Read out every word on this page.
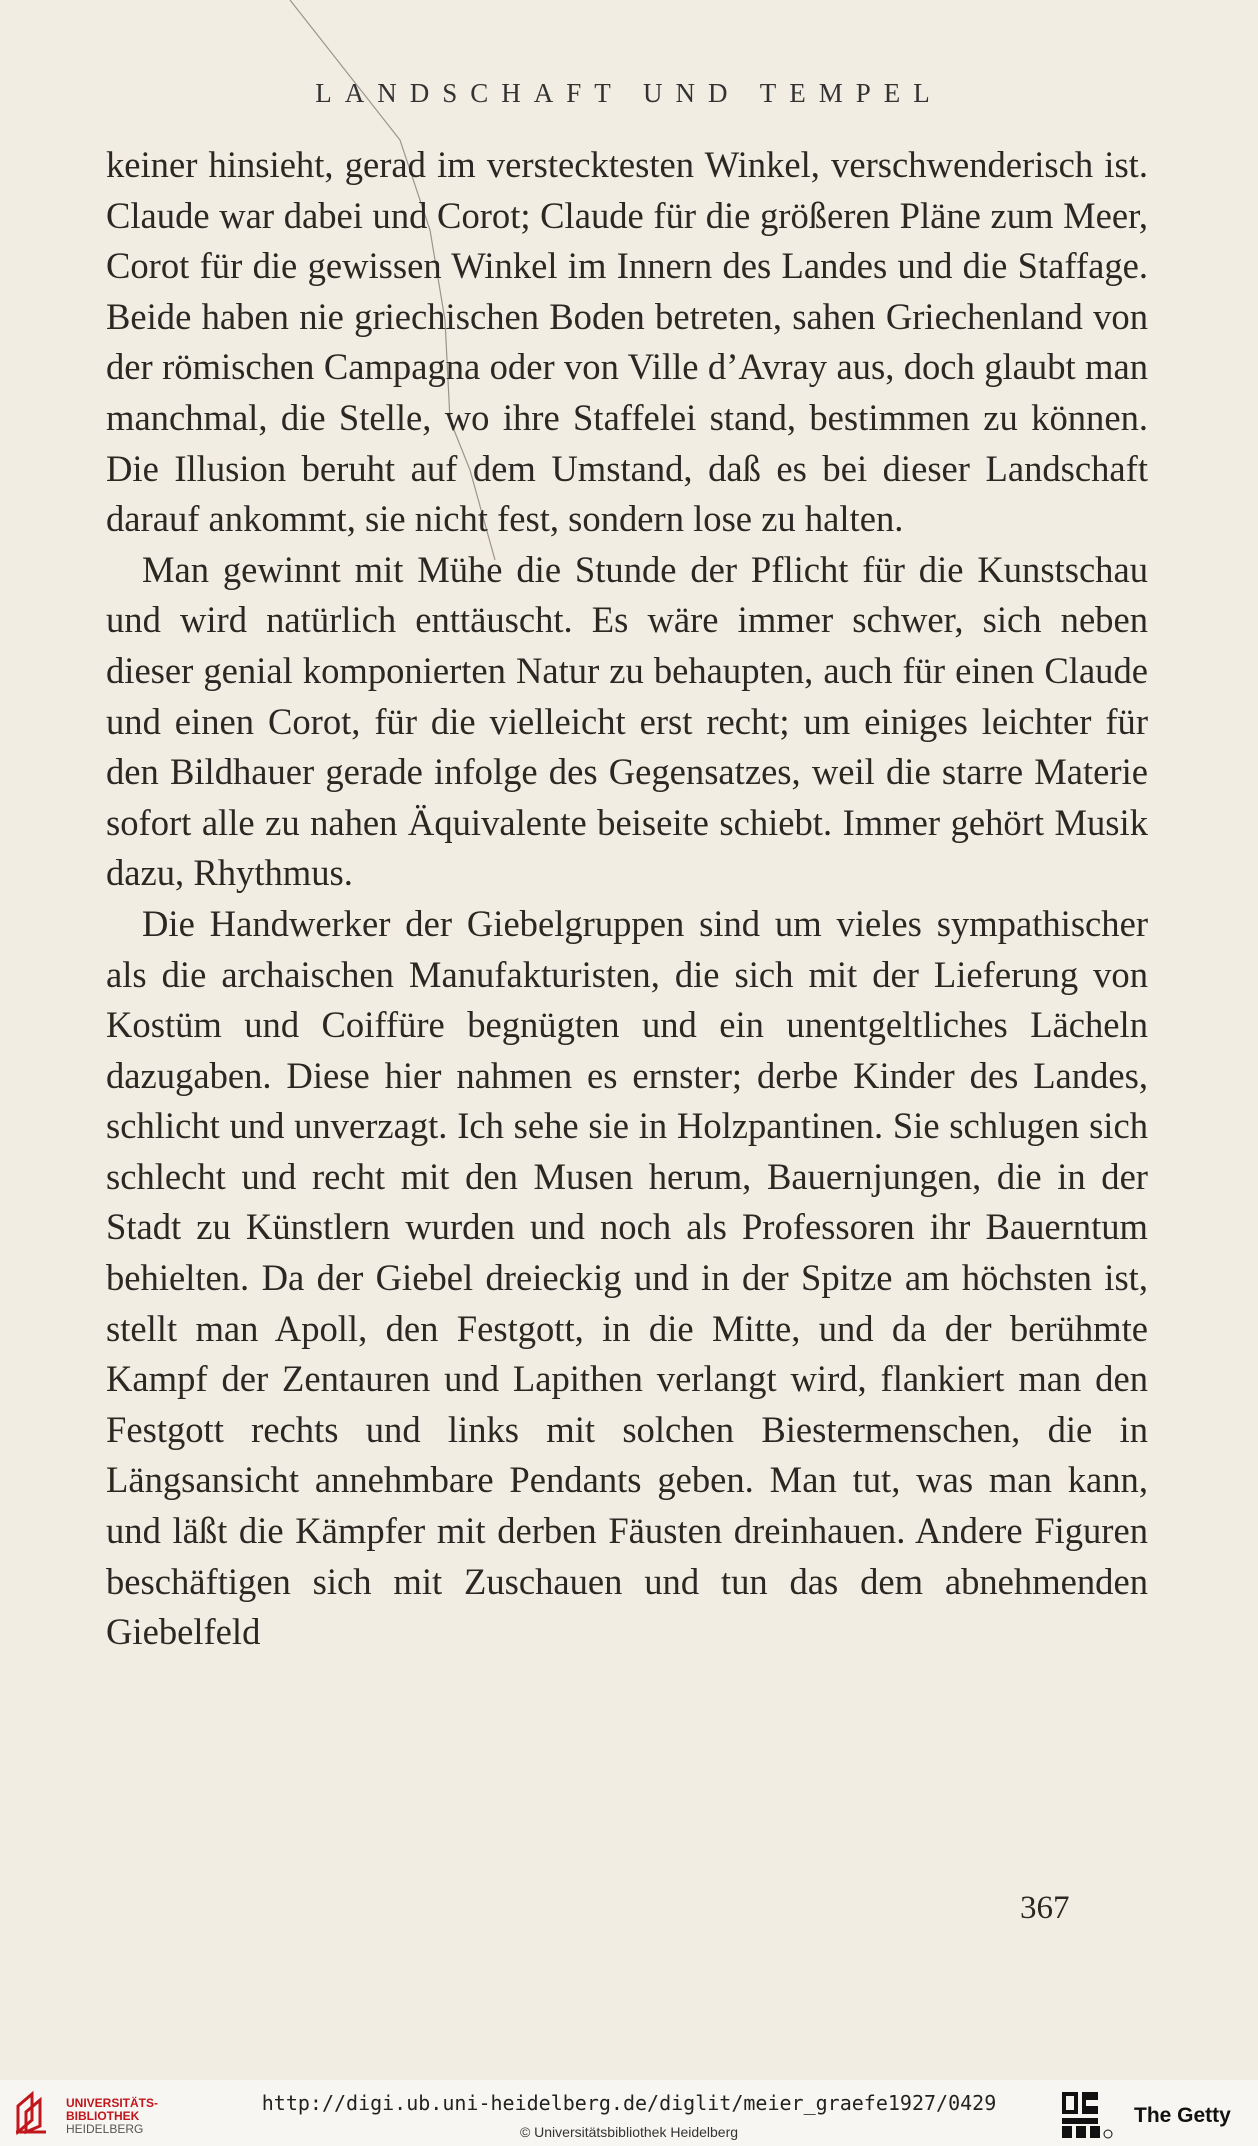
LANDSCHAFT UND TEMPEL

keiner hinsieht, gerad im verstecktesten Winkel, verschwenderisch ist. Claude war dabei und Corot; Claude für die größeren Pläne zum Meer, Corot für die gewissen Winkel im Innern des Landes und die Staffage. Beide haben nie griechischen Boden betreten, sahen Griechenland von der römischen Campagna oder von Ville d’Avray aus, doch glaubt man manchmal, die Stelle, wo ihre Staffelei stand, bestimmen zu können. Die Illusion beruht auf dem Umstand, daß es bei dieser Landschaft darauf ankommt, sie nicht fest, sondern lose zu halten.

Man gewinnt mit Mühe die Stunde der Pflicht für die Kunstschau und wird natürlich enttäuscht. Es wäre immer schwer, sich neben dieser genial komponierten Natur zu behaupten, auch für einen Claude und einen Corot, für die vielleicht erst recht; um einiges leichter für den Bildhauer gerade infolge des Gegensatzes, weil die starre Materie sofort alle zu nahen Äquivalente beiseite schiebt. Immer gehört Musik dazu, Rhythmus.

Die Handwerker der Giebelgruppen sind um vieles sympathischer als die archaischen Manufakturisten, die sich mit der Lieferung von Kostüm und Coiffüre begnügten und ein unentgeltliches Lächeln dazugaben. Diese hier nahmen es ernster; derbe Kinder des Landes, schlicht und unverzagt. Ich sehe sie in Holzpantinen. Sie schlugen sich schlecht und recht mit den Musen herum, Bauernjungen, die in der Stadt zu Künstlern wurden und noch als Professoren ihr Bauerntum behielten. Da der Giebel dreieckig und in der Spitze am höchsten ist, stellt man Apoll, den Festgott, in die Mitte, und da der berühmte Kampf der Zentauren und Lapithen verlangt wird, flankiert man den Festgott rechts und links mit solchen Biestermenschen, die in Längsansicht annehmbare Pendants geben. Man tut, was man kann, und läßt die Kämpfer mit derben Fäusten dreinhauen. Andere Figuren beschäftigen sich mit Zuschauen und tun das dem abnehmenden Giebelfeld

367
UNIVERSITÄTS-
BIBLIOTHEK
HEIDELBERG
http://digi.ub.uni-heidelberg.de/diglit/meier_graefe1927/0429
© Universitätsbibliothek Heidelberg
The Getty
